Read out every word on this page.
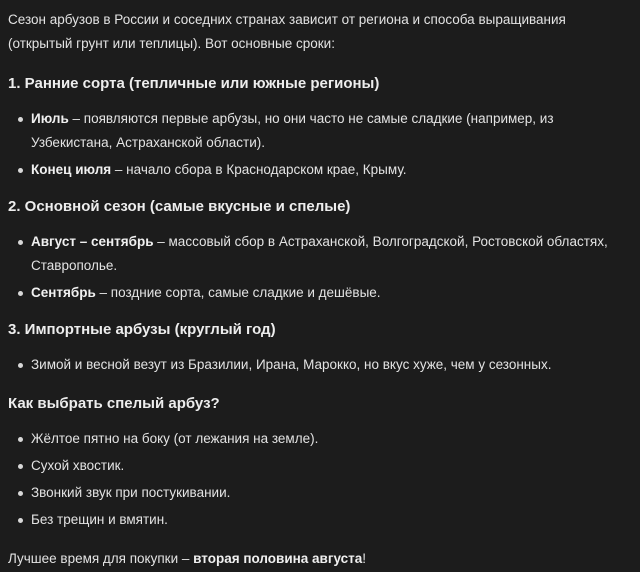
Сезон арбузов в России и соседних странах зависит от региона и способа выращивания (открытый грунт или теплицы). Вот основные сроки:

1. Ранние сорта (тепличные или южные регионы)
Июль – появляются первые арбузы, но они часто не самые сладкие (например, из Узбекистана, Астраханской области).
Конец июля – начало сбора в Краснодарском крае, Крыму.
2. Основной сезон (самые вкусные и спелые)
Август – сентябрь – массовый сбор в Астраханской, Волгоградской, Ростовской областях, Ставрополье.
Сентябрь – поздние сорта, самые сладкие и дешёвые.
3. Импортные арбузы (круглый год)
Зимой и весной везут из Бразилии, Ирана, Марокко, но вкус хуже, чем у сезонных.
Как выбрать спелый арбуз?
Жёлтое пятно на боку (от лежания на земле).
Сухой хвостик.
Звонкий звук при постукивании.
Без трещин и вмятин.

Лучшее время для покупки – вторая половина августа!
